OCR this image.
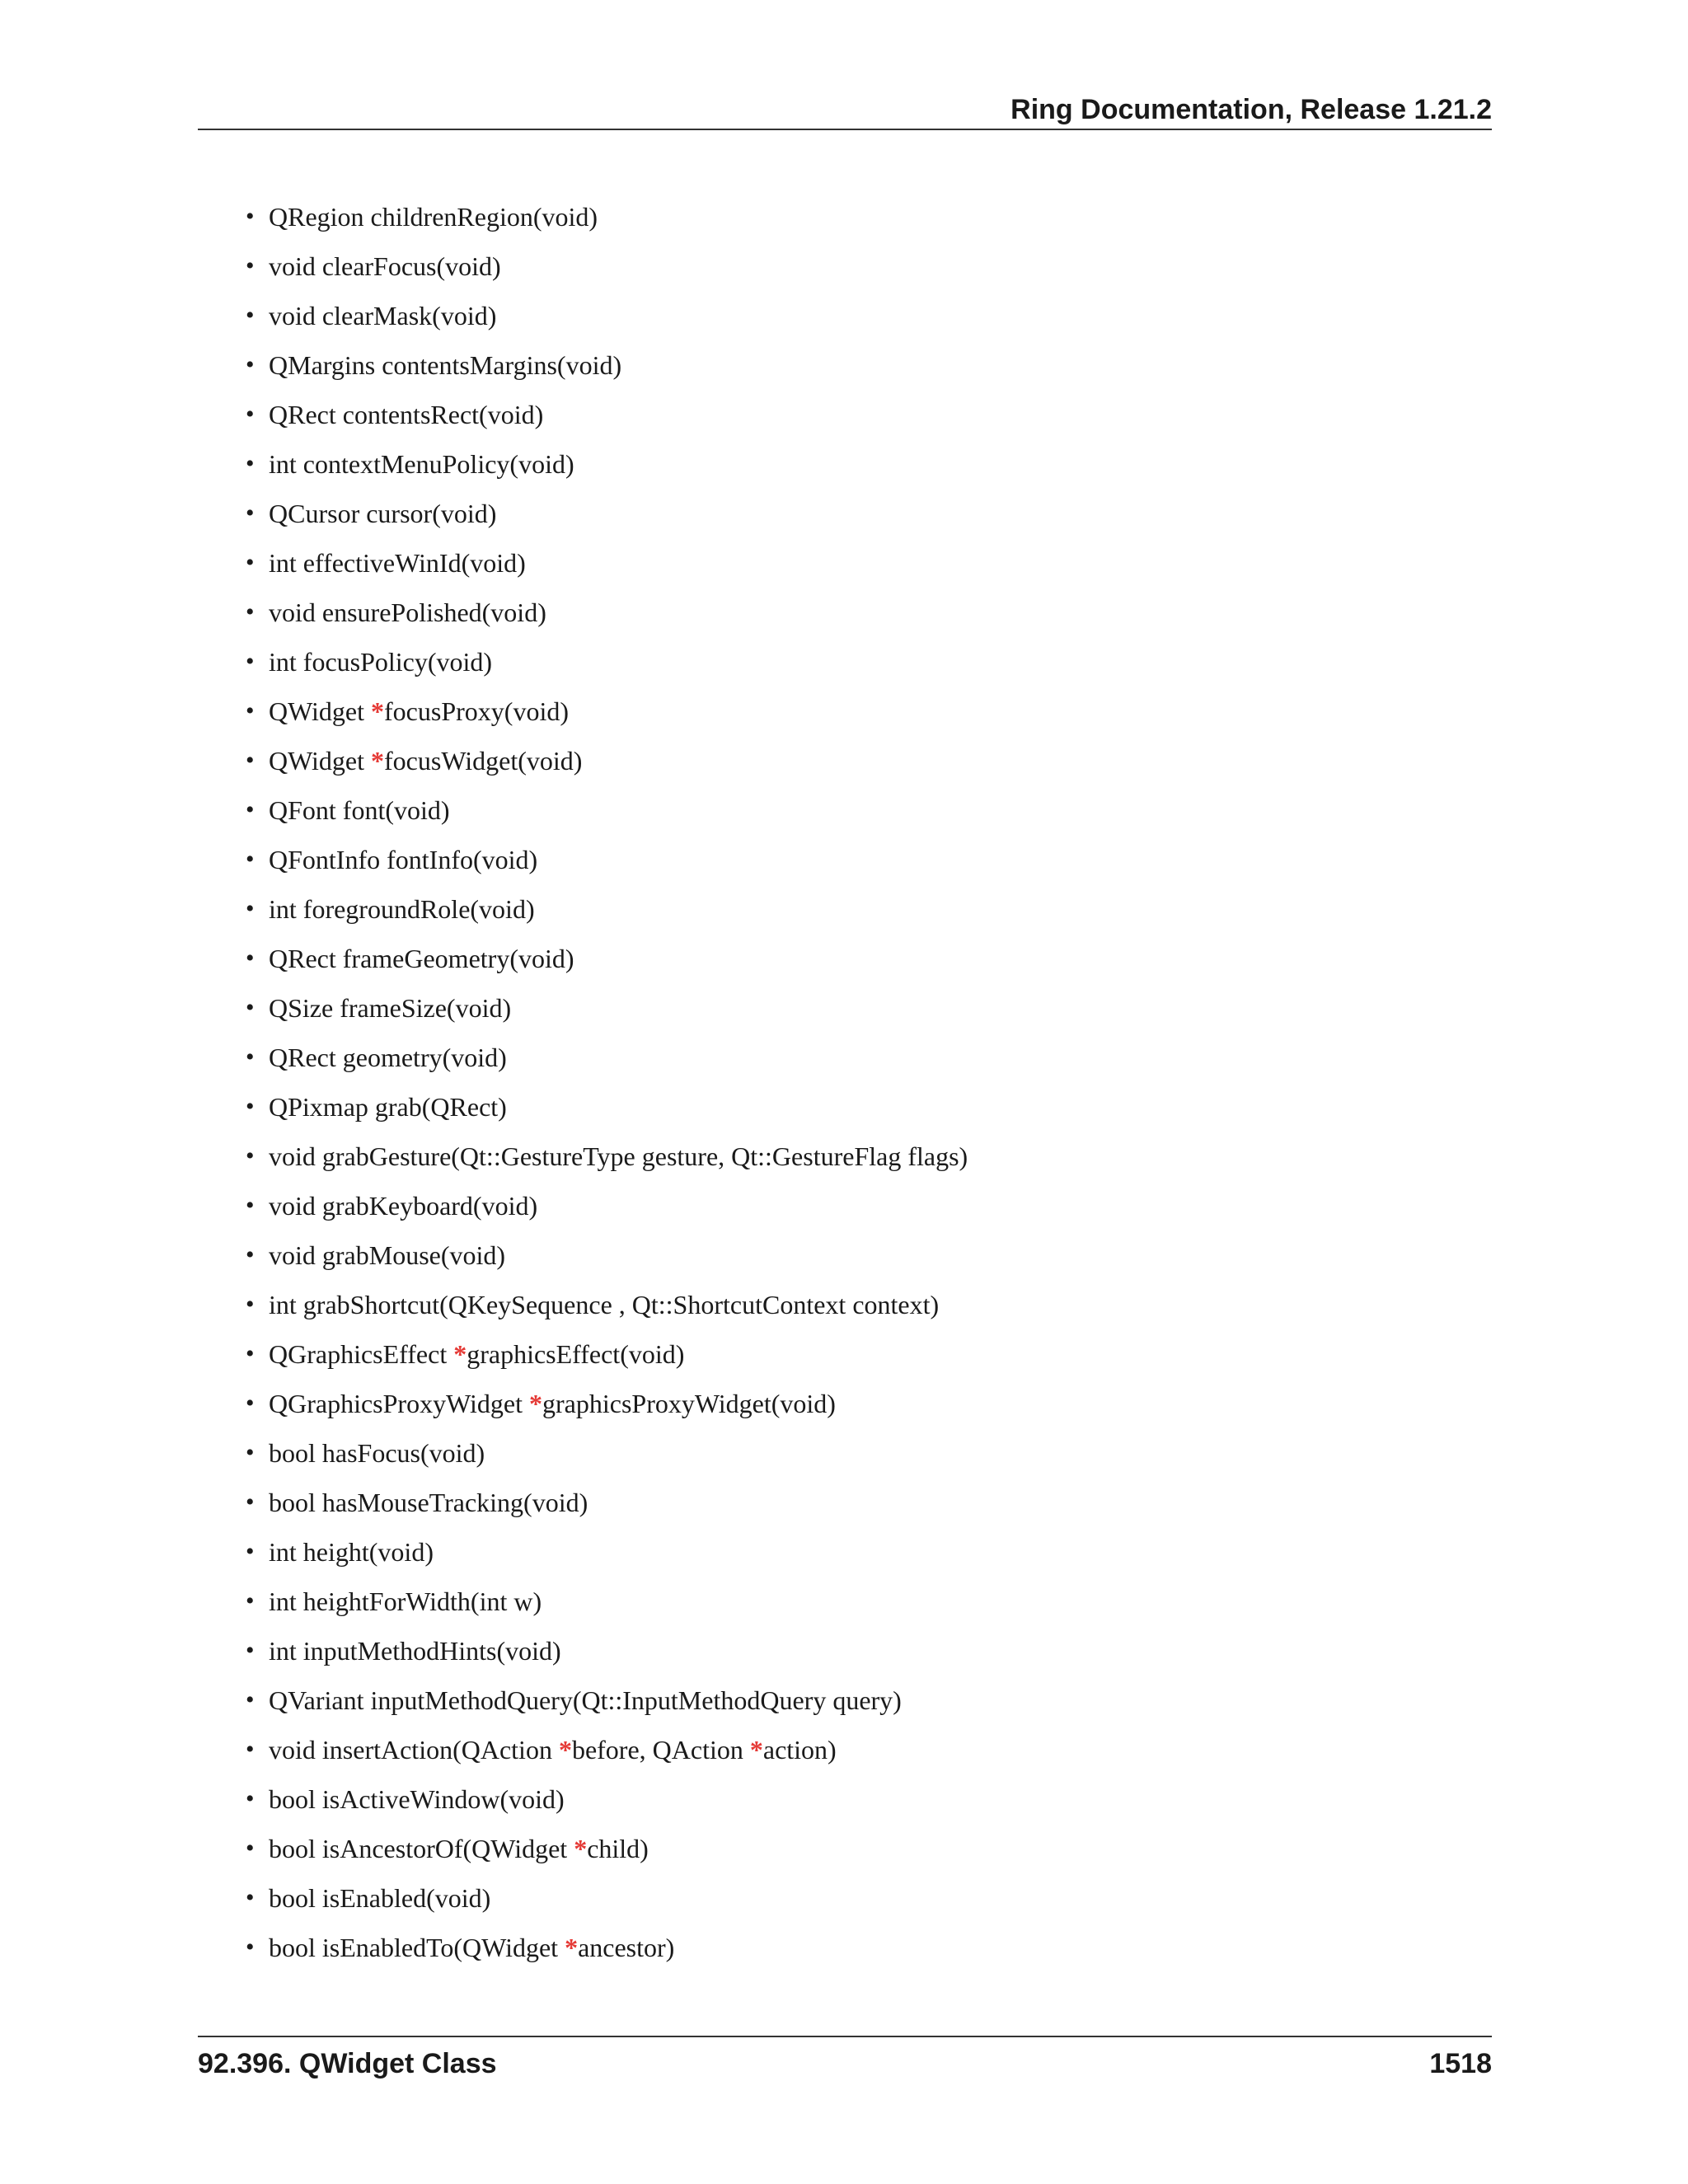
Ring Documentation, Release 1.21.2
• QRegion childrenRegion(void)
• void clearFocus(void)
• void clearMask(void)
• QMargins contentsMargins(void)
• QRect contentsRect(void)
• int contextMenuPolicy(void)
• QCursor cursor(void)
• int effectiveWinId(void)
• void ensurePolished(void)
• int focusPolicy(void)
• QWidget *focusProxy(void)
• QWidget *focusWidget(void)
• QFont font(void)
• QFontInfo fontInfo(void)
• int foregroundRole(void)
• QRect frameGeometry(void)
• QSize frameSize(void)
• QRect geometry(void)
• QPixmap grab(QRect)
• void grabGesture(Qt::GestureType gesture, Qt::GestureFlag flags)
• void grabKeyboard(void)
• void grabMouse(void)
• int grabShortcut(QKeySequence , Qt::ShortcutContext context)
• QGraphicsEffect *graphicsEffect(void)
• QGraphicsProxyWidget *graphicsProxyWidget(void)
• bool hasFocus(void)
• bool hasMouseTracking(void)
• int height(void)
• int heightForWidth(int w)
• int inputMethodHints(void)
• QVariant inputMethodQuery(Qt::InputMethodQuery query)
• void insertAction(QAction *before, QAction *action)
• bool isActiveWindow(void)
• bool isAncestorOf(QWidget *child)
• bool isEnabled(void)
• bool isEnabledTo(QWidget *ancestor)
92.396. QWidget Class	1518
